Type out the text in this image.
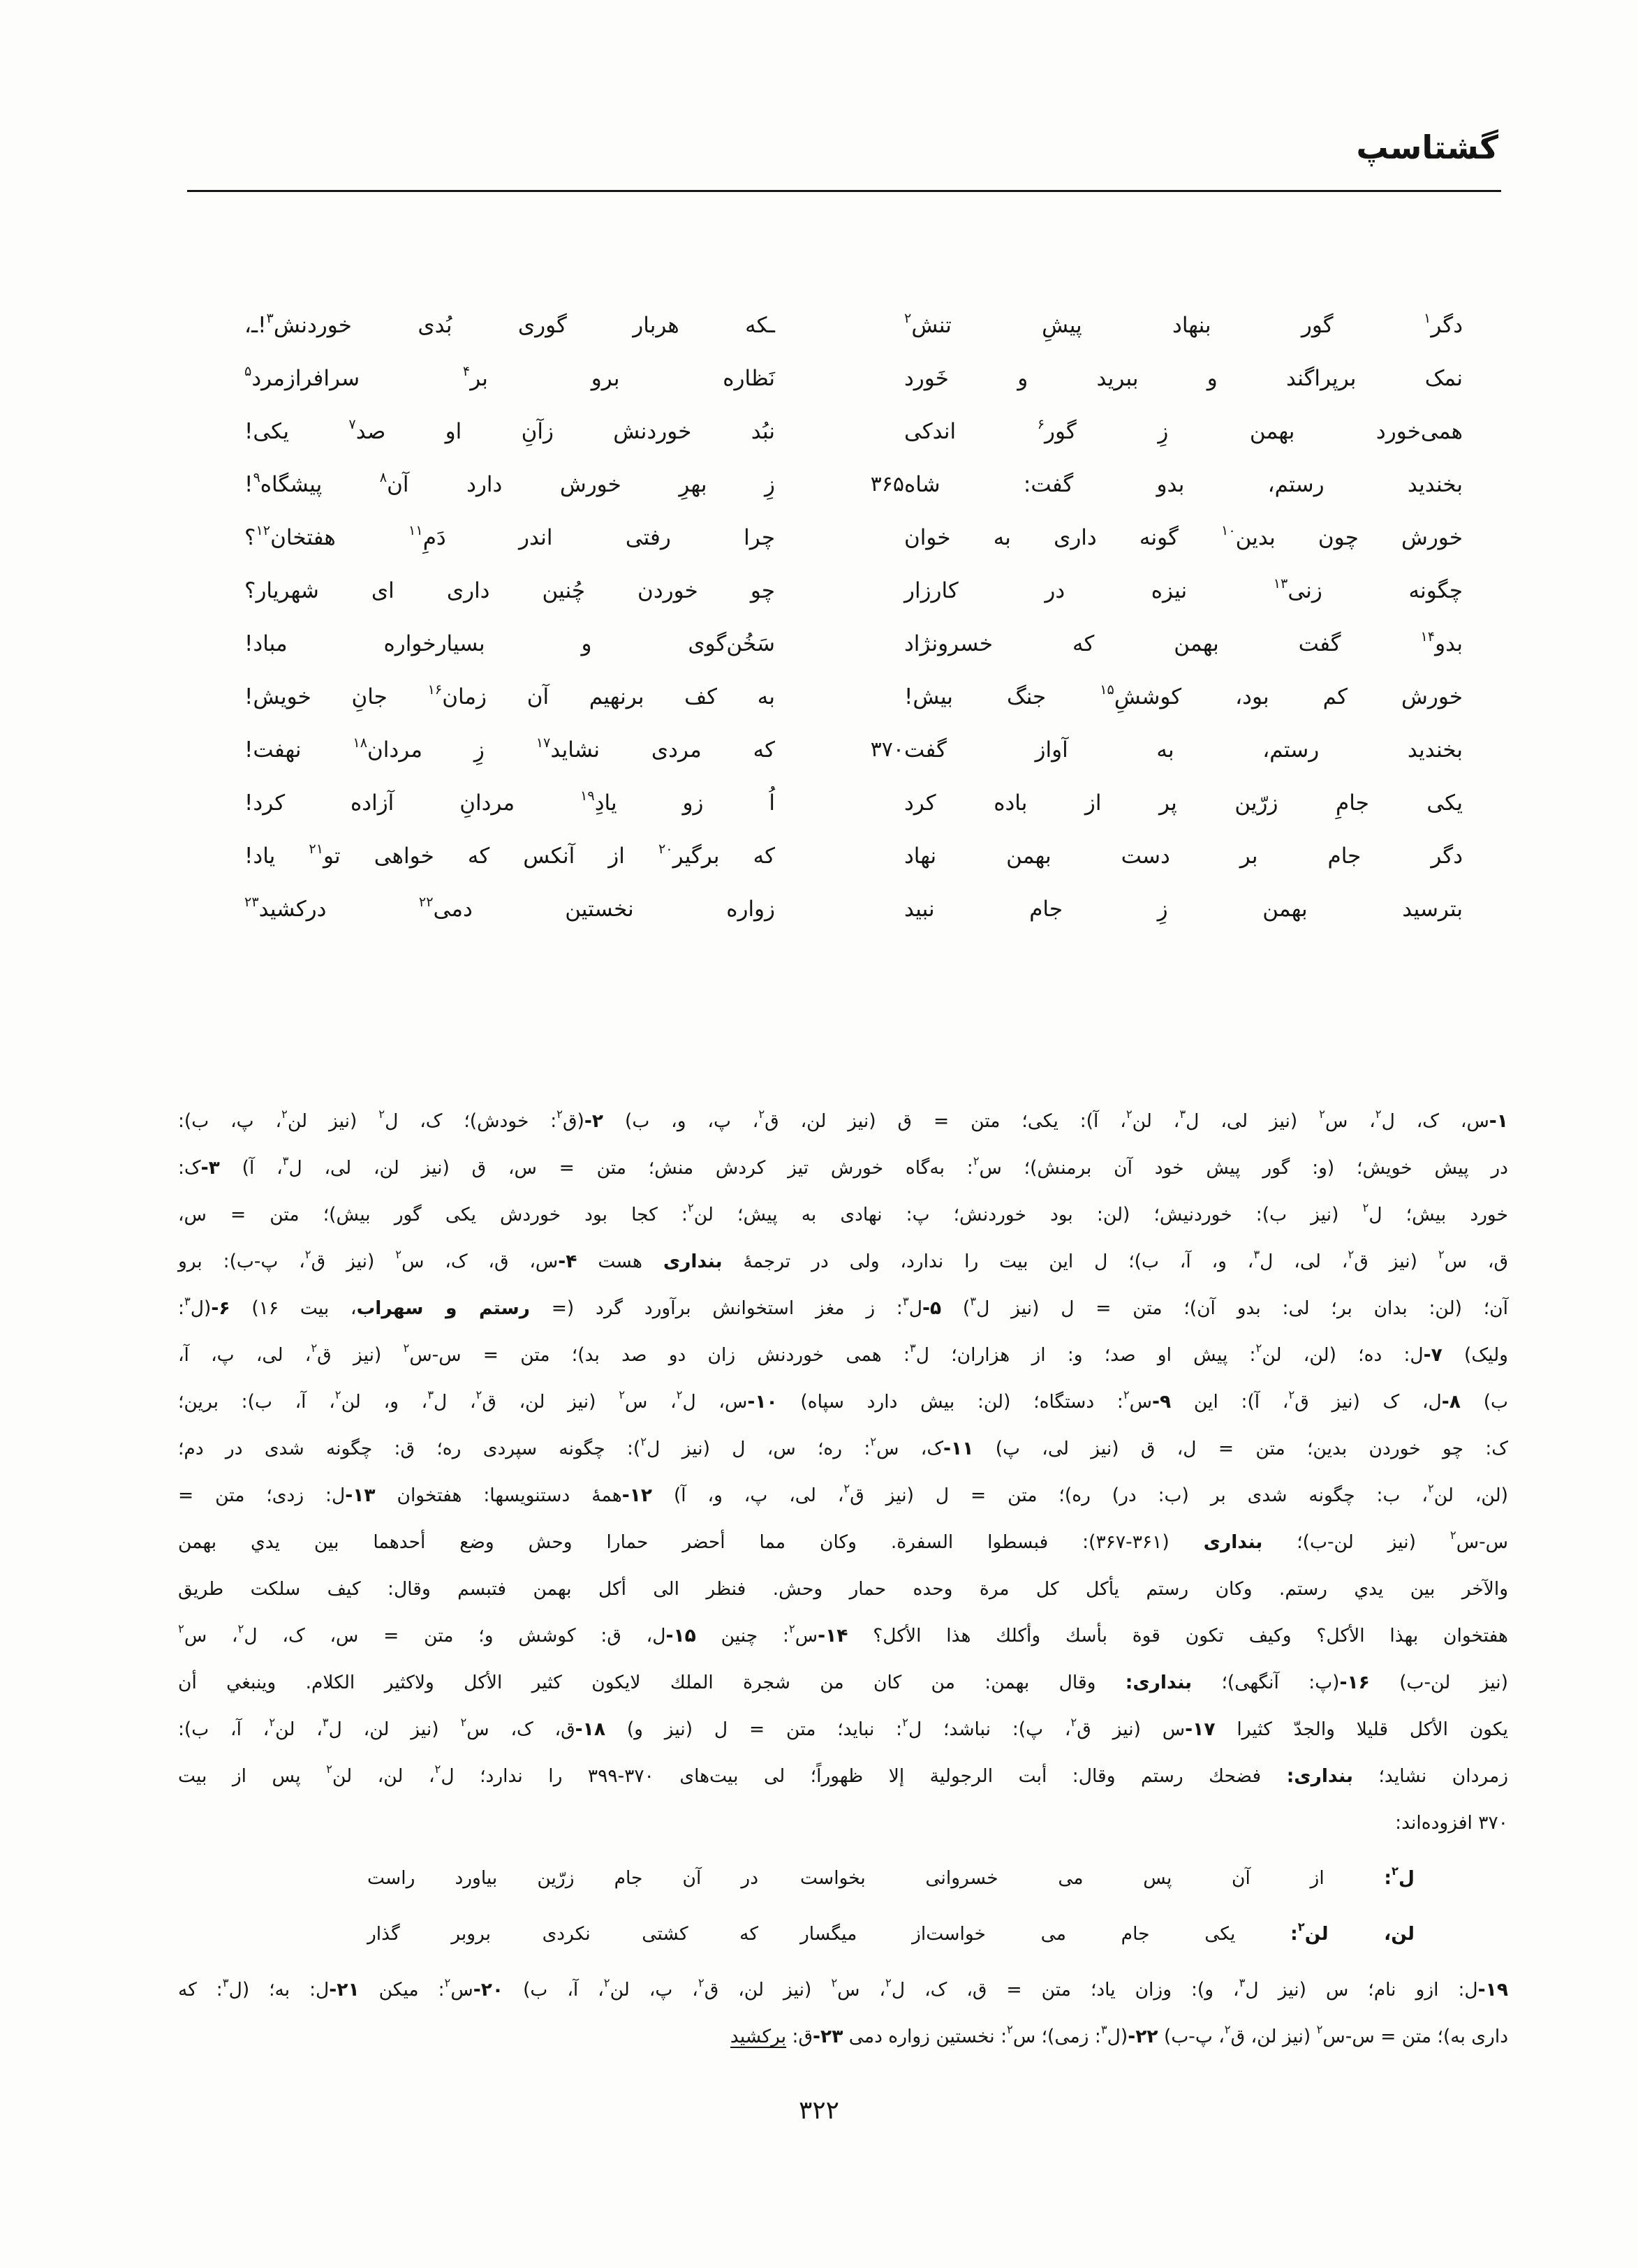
گشتاسپ
دگر$^۱$ گور بنهاد پیشِ تنش$^۲$
ـکه هربار گوری بُدی خوردنش$^۳$!ـ،
نمک برپراگند و ببرید و خَورد
نَظاره برو بر$^۴$ سرافرازمرد$^۵$
همی‌خورد بهمن زِ گور$^۶$ اندکی
نبُد خوردنش زآنِ او صد$^۷$ یکی!
بخندید رستم، بدو گفت: شاه
۳۶۵
زِ بهرِ خورش دارد آن$^۸$ پیشگاه$^۹$!
خورش چون بدین$^{۱۰}$ گونه داری به خوان
چرا رفتی اندر دَمِ$^{۱۱}$ هفتخان$^{۱۲}$؟
چگونه زنی$^{۱۳}$ نیزه در کارزار
چو خوردن چُنین داری ای شهریار؟
بدو$^{۱۴}$ گفت بهمن که خسرونژاد
سَخُن‌گوی و بسیارخواره مباد!
خورش کم بود، کوششِ$^{۱۵}$ جنگ بیش!
به کف برنهیم آن زمان$^{۱۶}$ جانِ خویش!
بخندید رستم، به آواز گفت
۳۷۰
که مردی نشاید$^{۱۷}$ زِ مردان$^{۱۸}$ نهفت!
یکی جامِ زرّین پر از باده کرد
اُ زو یادِ$^{۱۹}$ مردانِ آزاده کرد!
دگر جام بر دست بهمن نهاد
که برگیر$^{۲۰}$ از آنکس که خواهی تو$^{۲۱}$ یاد!
بترسید بهمن زِ جام نبید
زواره نخستین دمی$^{۲۲}$ درکشید$^{۲۳}$
۱-س، ک، ل$^۲$، س$^۲$ (نیز لی، ل$^۳$، لن$^۲$، آ): یکی؛ متن = ق (نیز لن، ق$^۲$، پ، و، ب) ۲-(ق$^۲$: خودش)؛ ک، ل$^۲$ (نیز لن$^۲$، پ، ب):
در پیش خویش؛ (و: گور پیش خود آن برمنش)؛ س$^۲$: به‌گاه خورش تیز کردش منش؛ متن = س، ق (نیز لن، لی، ل$^۳$، آ) ۳-ک:
خورد بیش؛ ل$^۲$ (نیز ب): خوردنیش؛ (لن: بود خوردنش؛ پ: نهادی به پیش؛ لن$^۲$: کجا بود خوردش یکی گور بیش)؛ متن = س،
ق، س$^۲$ (نیز ق$^۲$، لی، ل$^۳$، و، آ، ب)؛ ل این بیت را ندارد، ولی در ترجمهٔ بنداری هست ۴-س، ق، ک، س$^۲$ (نیز ق$^۲$، پ-ب): برو
آن؛ (لن: بدان بر؛ لی: بدو آن)؛ متن = ل (نیز ل$^۳$) ۵-ل$^۳$: ز مغز استخوانش برآورد گرد (= رستم و سهراب، بیت ۱۶) ۶-(ل$^۳$:
ولیک) ۷-ل: ده؛ (لن، لن$^۲$: پیش او صد؛ و: از هزاران؛ ل$^۳$: همی خوردنش زان دو صد بد)؛ متن = س-س$^۲$ (نیز ق$^۲$، لی، پ، آ،
ب) ۸-ل، ک (نیز ق$^۲$، آ): این ۹-س$^۲$: دستگاه؛ (لن: بیش دارد سپاه) ۱۰-س، ل$^۲$، س$^۲$ (نیز لن، ق$^۲$، ل$^۳$، و، لن$^۲$، آ، ب): برین؛
ک: چو خوردن بدین؛ متن = ل، ق (نیز لی، پ) ۱۱-ک، س$^۲$: ره؛ س، ل (نیز ل$^۲$): چگونه سپردی ره؛ ق: چگونه شدی در دم؛
(لن، لن$^۲$، ب: چگونه شدی بر (ب: در) ره)؛ متن = ل (نیز ق$^۲$، لی، پ، و، آ) ۱۲-همهٔ دستنویسها: هفتخوان ۱۳-ل: زدی؛ متن =
س-س$^۲$ (نیز لن-ب)؛ بنداری (۳۶۱-۳۶۷): فبسطوا السفرة. وكان مما أحضر حمارا وحش وضع أحدهما بين يدي بهمن
والآخر بين يدي رستم. وكان رستم يأكل كل مرة وحده حمار وحش. فنظر الى أكل بهمن فتبسم وقال: كيف سلكت طريق
هفتخوان بهذا الأكل؟ وكيف تكون قوة بأسك وأكلك هذا الأكل؟ ۱۴-س$^۲$: چنین ۱۵-ل، ق: کوشش و؛ متن = س، ک، ل$^۲$، س$^۲$
(نیز لن-ب) ۱۶-(پ: آنگهی)؛ بنداری: وقال بهمن: من كان من شجرة الملك لايكون كثير الأكل ولاكثير الكلام. وينبغي أن
يكون الأكل قليلا والجدّ كثيرا ۱۷-س (نیز ق$^۲$، پ): نباشد؛ ل$^۲$: نباید؛ متن = ل (نیز و) ۱۸-ق، ک، س$^۲$ (نیز لن، ل$^۳$، لن$^۲$، آ، ب):
زمردان نشاید؛ بنداری: فضحك رستم وقال: أبت الرجولية إلا ظهوراً؛ لی بیت‌های ۳۷۰-۳۹۹ را ندارد؛ ل$^۲$، لن، لن$^۲$ پس از بیت
۳۷۰ افزوده‌اند:
ل$^۲$: از آن پس می خسروانی بخواست
در آن جام زرّین بیاورد راست
لن، لن$^۲$: یکی جام می خواست‌از میگسار
که کشتی نکردی بروبر گذار
۱۹-ل: ازو نام؛ س (نیز ل$^۳$، و): وزان یاد؛ متن = ق، ک، ل$^۲$، س$^۲$ (نیز لن، ق$^۲$، پ، لن$^۲$، آ، ب) ۲۰-س$^۲$: میکن ۲۱-ل: به؛ (ل$^۳$: که
داری به)؛ متن = س-س$^۲$ (نیز لن، ق$^۲$، پ-ب) ۲۲-(ل$^۳$: زمی)؛ س$^۲$: نخستین زواره دمی ۲۳-ق: برکشید
۳۲۲
